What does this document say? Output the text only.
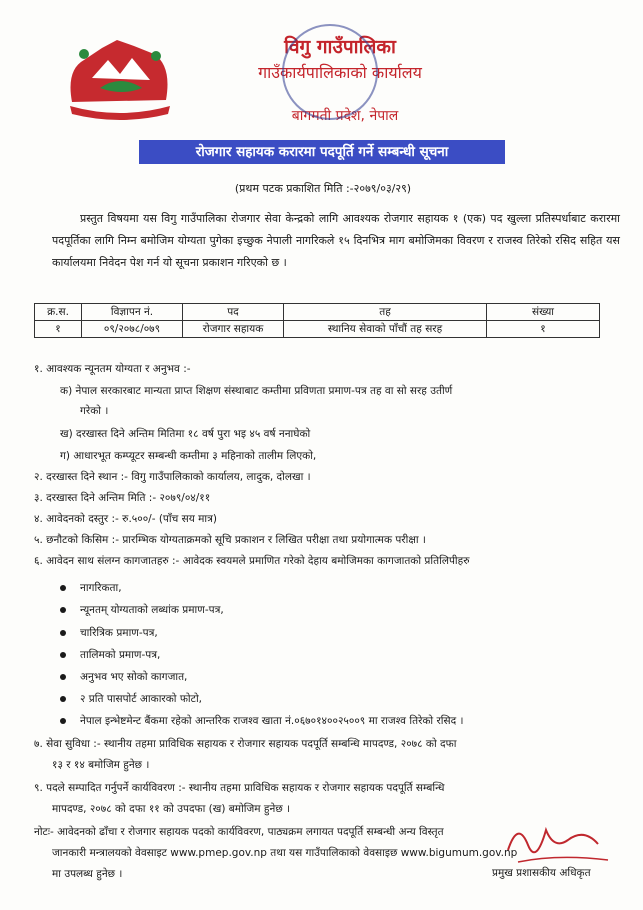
विगु गाउँपालिका
गाउँकार्यपालिकाको कार्यालय
बागमती प्रदेश, नेपाल
रोजगार सहायक करारमा पदपूर्ति गर्ने सम्बन्धी सूचना
(प्रथम पटक प्रकाशित मिति :-२०७९/०३/२९)
प्रस्तुत विषयमा यस विगु गाउँपालिका रोजगार सेवा केन्द्रको लागि आवश्यक रोजगार सहायक १ (एक) पद खुल्ला प्रतिस्पर्धाबाट करारमा पदपूर्तिका लागि निम्न बमोजिम योग्यता पुगेका इच्छुक नेपाली नागरिकले १५ दिनभित्र माग बमोजिमका विवरण र राजस्व तिरेको रसिद सहित यस कार्यालयमा निवेदन पेश गर्न यो सूचना प्रकाशन गरिएको छ ।
क्र.स.	विज्ञापन नं.	पद	तह	संख्या
१	०९/२०७८/०७९	रोजगार सहायक	स्थानिय सेवाको पाँचौं तह सरह	१
१. आवश्यक न्यूनतम योग्यता र अनुभव :-
क) नेपाल सरकारबाट मान्यता प्राप्त शिक्षण संस्थाबाट कम्तीमा प्रविणता प्रमाण-पत्र तह वा सो सरह उतीर्ण
गरेको ।
ख) दरखास्त दिने अन्तिम मितिमा १८ वर्ष पुरा भइ ४५ वर्ष ननाघेको
ग) आधारभूत कम्प्यूटर सम्बन्धी कम्तीमा ३ महिनाको तालीम लिएको,
२. दरखास्त दिने स्थान :- विगु गाउँपालिकाको कार्यालय, लादुक, दोलखा ।
३. दरखास्त दिने अन्तिम मिति :- २०७९/०४/११
४. आवेदनको दस्तुर :- रु.५००/- (पाँच सय मात्र)
५. छनौटको किसिम :- प्रारम्भिक योग्यताक्रमको सूचि प्रकाशन र लिखित परीक्षा तथा प्रयोगात्मक परीक्षा ।
६. आवेदन साथ संलग्न कागजातहरु :- आवेदक स्वयमले प्रमाणित गरेको देहाय बमोजिमका कागजातको प्रतिलिपीहरु
नागरिकता,
न्यूनतम् योग्यताको लब्धांक प्रमाण-पत्र,
चारित्रिक प्रमाण-पत्र,
तालिमको प्रमाण-पत्र,
अनुभव भए सोको कागजात,
२ प्रति पासपोर्ट आकारको फोटो,
नेपाल इन्भेष्टमेन्ट बैंकमा रहेको आन्तरिक राजश्व खाता नं.०६७०१४००२५००९ मा राजश्व तिरेको रसिद ।
७. सेवा सुविधा :- स्थानीय तहमा प्राविधिक सहायक र रोजगार सहायक पदपूर्ति सम्बन्धि मापदण्ड, २०७८ को दफा
१३ र १४ बमोजिम हुनेछ ।
९. पदले सम्पादित गर्नुपर्ने कार्यविवरण :- स्थानीय तहमा प्राविधिक सहायक र रोजगार सहायक पदपूर्ति सम्बन्धि
मापदण्ड, २०७८ को दफा ११ को उपदफा (ख) बमोजिम हुनेछ ।
नोटः- आवेदनको ढाँचा र रोजगार सहायक पदको कार्यविवरण, पाठ्यक्रम लगायत पदपूर्ति सम्बन्धी अन्य विस्तृत
जानकारी मन्त्रालयको वेवसाइट www.pmep.gov.np तथा यस गाउँपालिकाको वेवसाइछ www.bigumum.gov.np
मा उपलब्ध हुनेछ ।	प्रमुख प्रशासकीय अधिकृत
